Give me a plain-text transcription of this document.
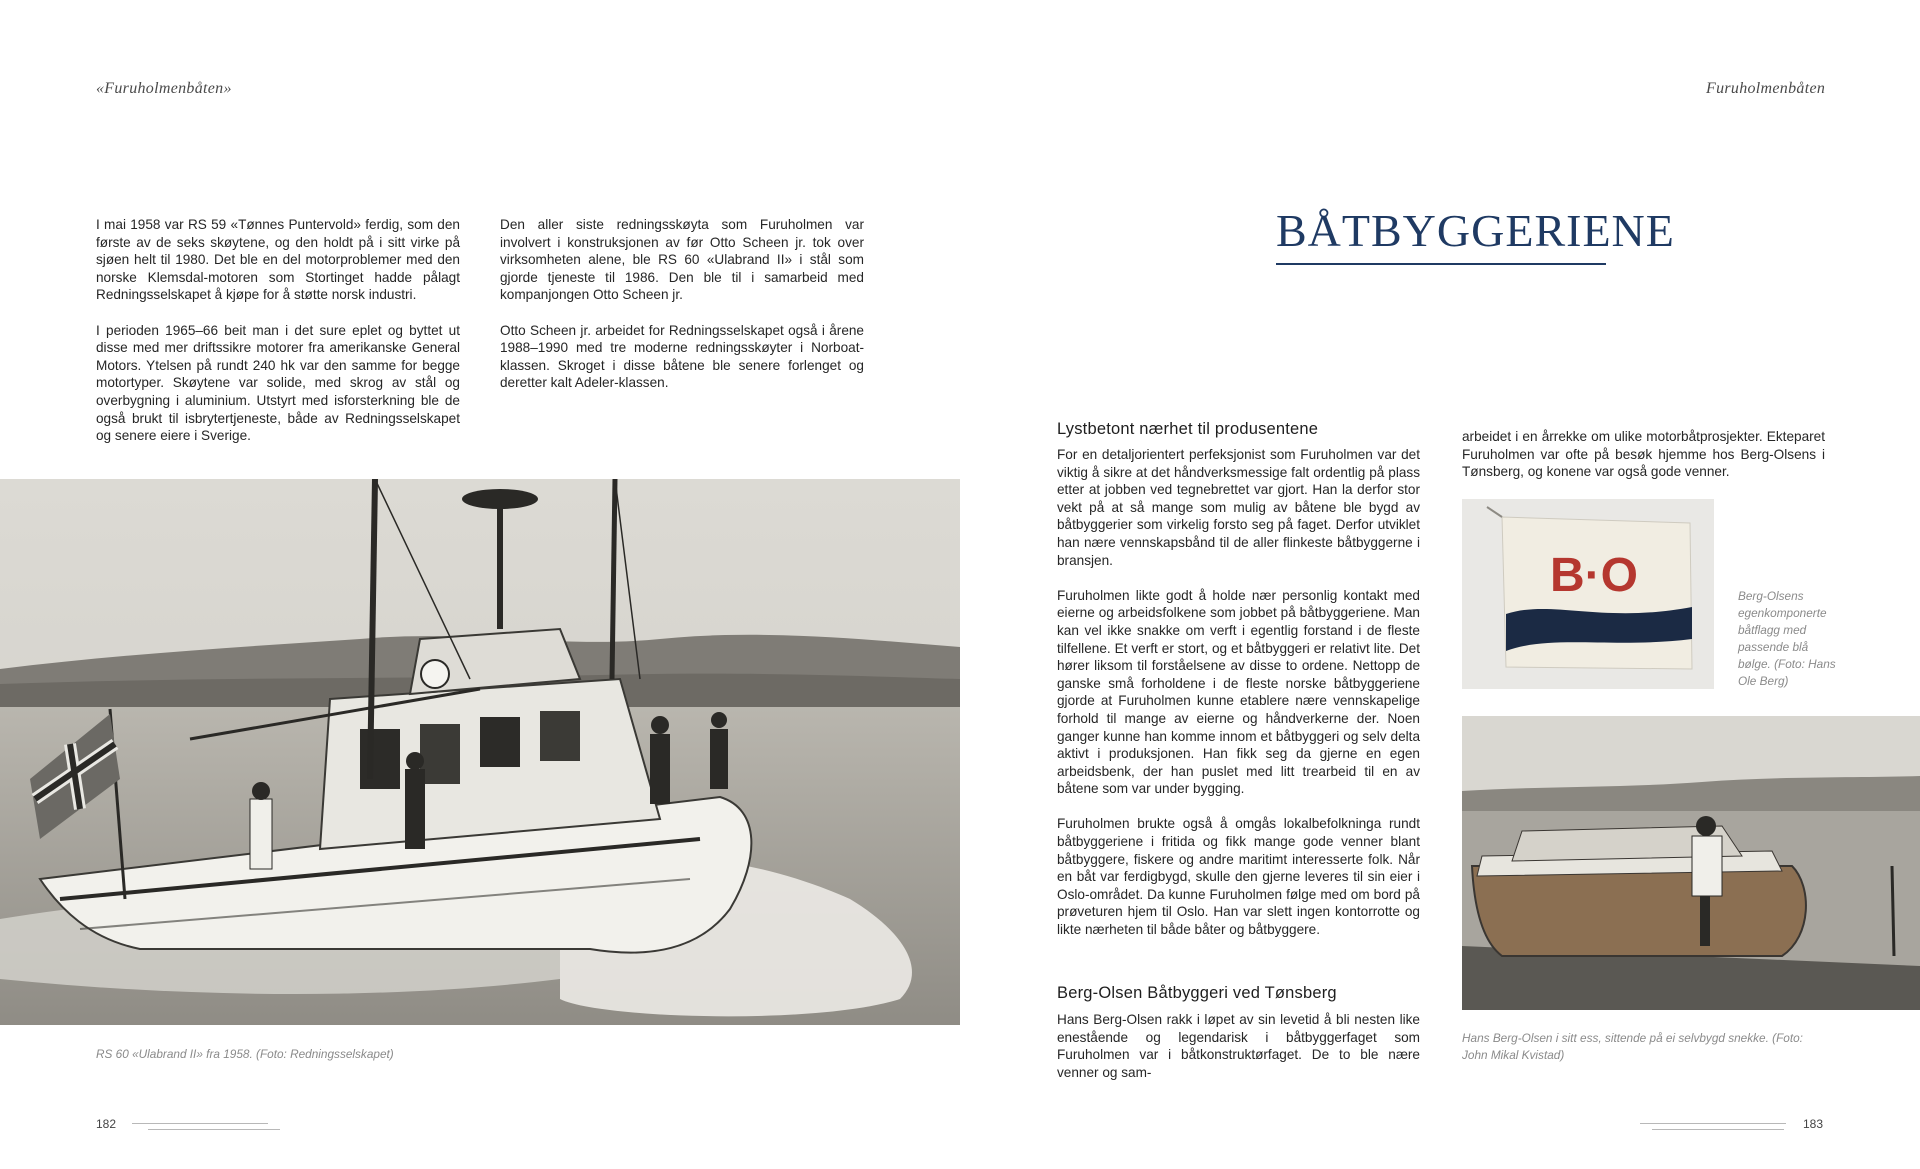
«Furuholmenbåten»	Furuholmenbåten

I mai 1958 var RS 59 «Tønnes Puntervold» ferdig, som den første av de seks skøytene, og den holdt på i sitt virke på sjøen helt til 1980. Det ble en del motorproblemer med den norske Klemsdal-motoren som Stortinget hadde pålagt Redningsselskapet å kjøpe for å støtte norsk industri.

I perioden 1965–66 beit man i det sure eplet og byttet ut disse med mer driftssikre motorer fra amerikanske General Motors. Ytelsen på rundt 240 hk var den samme for begge motortyper. Skøytene var solide, med skrog av stål og overbygning i aluminium. Utstyrt med isforsterkning ble de også brukt til isbrytertjeneste, både av Redningsselskapet og senere eiere i Sverige.

Den aller siste redningsskøyta som Furuholmen var involvert i konstruksjonen av før Otto Scheen jr. tok over virksomheten alene, ble RS 60 «Ulabrand II» i stål som gjorde tjeneste til 1986. Den ble til i samarbeid med kompanjongen Otto Scheen jr.

Otto Scheen jr. arbeidet for Redningsselskapet også i årene 1988–1990 med tre moderne redningsskøyter i Norboat-klassen. Skroget i disse båtene ble senere forlenget og deretter kalt Adeler-klassen.

RS 60 «Ulabrand II» fra 1958. (Foto: Redningsselskapet)
182
BÅTBYGGERIENE
Lystbetont nærhet til produsentene

For en detaljorientert perfeksjonist som Furuholmen var det viktig å sikre at det håndverksmessige falt ordentlig på plass etter at jobben ved tegnebrettet var gjort. Han la derfor stor vekt på at så mange som mulig av båtene ble bygd av båtbyggerier som virkelig forsto seg på faget. Derfor utviklet han nære vennskapsbånd til de aller flinkeste båtbyggerne i bransjen.

Furuholmen likte godt å holde nær personlig kontakt med eierne og arbeidsfolkene som jobbet på båtbyggeriene. Man kan vel ikke snakke om verft i egentlig forstand i de fleste tilfellene. Et verft er stort, og et båtbyggeri er relativt lite. Det hører liksom til forståelsene av disse to ordene. Nettopp de ganske små forholdene i de fleste norske båtbyggeriene gjorde at Furuholmen kunne etablere nære vennskapelige forhold til mange av eierne og håndverkerne der. Noen ganger kunne han komme innom et båtbyggeri og selv delta aktivt i produksjonen. Han fikk seg da gjerne en egen arbeidsbenk, der han puslet med litt trearbeid til en av båtene som var under bygging.

Furuholmen brukte også å omgås lokalbefolkninga rundt båtbyggeriene i fritida og fikk mange gode venner blant båtbyggere, fiskere og andre maritimt interesserte folk. Når en båt var ferdigbygd, skulle den gjerne leveres til sin eier i Oslo-området. Da kunne Furuholmen følge med om bord på prøveturen hjem til Oslo. Han var slett ingen kontorrotte og likte nærheten til både båter og båtbyggere.

Berg-Olsen Båtbyggeri ved Tønsberg

Hans Berg-Olsen rakk i løpet av sin levetid å bli nesten like enestående og legendarisk i båtbyggerfaget som Furuholmen var i båtkonstruktørfaget. De to ble nære venner og sam-

arbeidet i en årrekke om ulike motorbåtprosjekter. Ekteparet Furuholmen var ofte på besøk hjemme hos Berg-Olsens i Tønsberg, og konene var også gode venner.

B·O	Berg-Olsens egenkomponerte båtflagg med passende blå bølge. (Foto: Hans Ole Berg)
Hans Berg-Olsen i sitt ess, sittende på ei selvbygd snekke. (Foto: John Mikal Kvistad)
183
